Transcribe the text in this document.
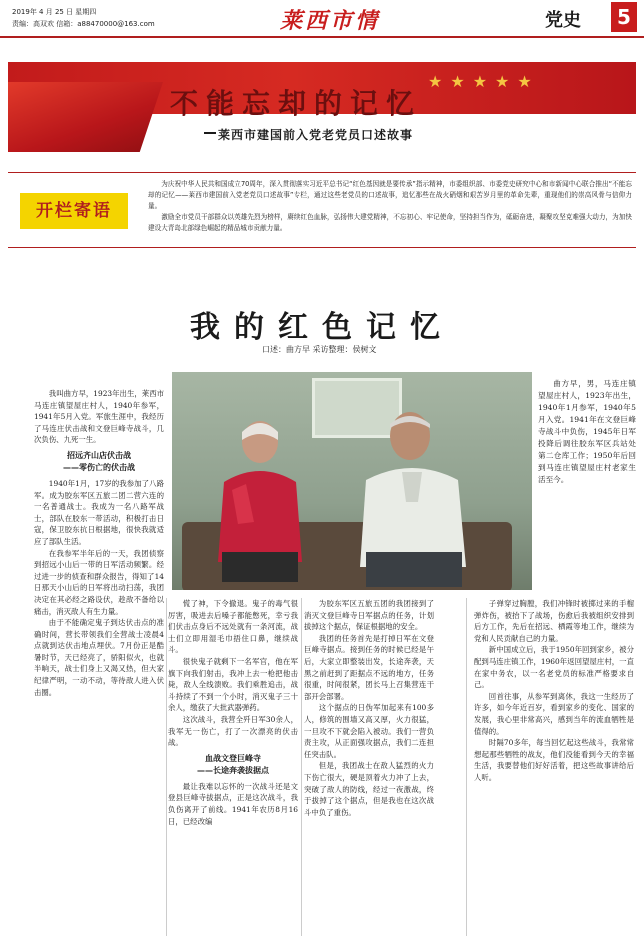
2019年 4 月 25 日 星期四
责编：高双欢 信箱：a88470000@163.com	莱西市情	党史	5
★★★★★
不能忘却的记忆
莱西市建国前入党老党员口述故事
开栏寄语

为庆祝中华人民共和国成立70周年，深入贯彻落实习近平总书记“红色基因就是要传承”指示精神，市委组织部、市委党史研究中心和市新闻中心联合推出“不能忘却的记忆——莱西市建国前入党老党员口述故事”专栏，通过这些老党员的口述故事，追忆那些在战火硝烟和艰苦岁月里的革命先辈，重现他们的崇高风骨与信仰力量。

激励全市党员干部群众以英雄先烈为榜样，赓续红色血脉，弘扬伟大建党精神，不忘初心、牢记使命，坚持担当作为，砥砺奋进，凝聚攻坚克难强大动力，为加快建设大青岛北部绿色崛起的精品城市贡献力量。

我的红色记忆
口述：曲方早 采访整理：侯树文

我叫曲方早，1923年出生，莱西市马连庄镇望屋庄村人，1940年参军，1941年5月入党。军旅生涯中，我经历了马连庄伏击战和文登巨峰寺战斗，几次负伤、九死一生。

招远齐山店伏击战
——零伤亡的伏击战

1940年1月，17岁的我参加了八路军。成为胶东军区五旅二团二营六连的一名普通战士。我成为一名八路军战士，部队在胶东一带活动，积极打击日寇，保卫胶东抗日根据地，很快我就适应了部队生活。

在我参军半年后的一天，我团侦察到招远小山后一带的日军活动频繁。经过进一步的侦查和群众报告，得知了14日那天小山后的日军将出动扫荡，我团决定在其必经之路设伏，趁敌不备给以痛击，消灭敌人有生力量。

由于不能确定鬼子到达伏击点的准确时间，营长带领我们全营战士凌晨4点就到达伏击地点埋伏。7月份正是酷暑时节，天已经亮了，骄阳似火，也就半晌天，战士们身上又渴又热，但大家纪律严明，一动不动，等待敌人进入伏击圈。

曲方早，男，马连庄镇望屋庄村人，1923年出生，1940年1月参军，1940年5月入党。1941年在文登巨峰寺战斗中负伤，1945年日军投降后调往胶东军区兵站处第二仓库工作；1950年后回到马连庄镇望屋庄村老家生活至今。

慌了神，下令撤退。鬼子的毒气很厉害，吸进去后嗓子都能憋死，幸亏我们伏击点身后不远处就有一条河流，战士们立即用湿毛巾捂住口鼻，继续战斗。

很快鬼子就剩下一名军官，他在军旗下向我们射击，我冲上去一枪把他击毙，敌人全线溃败。我们乘胜追击，战斗持续了不到一个小时，消灭鬼子三十余人，缴获了大批武器弹药。

这次战斗，我营全歼日军30余人，我军无一伤亡，打了一次漂亮的伏击战。

血战文登巨峰寺
——长途奔袭拔据点

最让我难以忘怀的一次战斗还是文登县巨峰寺拔据点，正是这次战斗，我负伤离开了前线。1941年农历8月16日，已经改编

为胶东军区五旅五团的我团接到了消灭文登巨峰寺日军据点的任务，计划拔掉这个据点，保证根据地的安全。

我团的任务首先是打掉日军在文登巨峰寺据点。接到任务的时候已经是午后，大家立即整装出发，长途奔袭，天黑之前赶到了距据点不远的地方，任务很重，时间很紧，团长马上召集营连干部开会部署。

这个据点的日伪军加起来有100多人，修筑的围墙又高又厚，火力很猛，一旦攻不下就会陷入被动。我们一营负责主攻，从正面强攻据点，我们二连担任突击队。

但是，我团战士在敌人猛烈的火力下伤亡很大，硬是顶着火力冲了上去，突破了敌人的防线，经过一夜激战，终于拔掉了这个据点，但是我也在这次战斗中负了重伤。

子弹穿过胸膛，我们冲锋时被掷过来的手榴弹炸伤，被抬下了战场，伤愈后我被组织安排到后方工作，先后在招远、栖霞等地工作，继续为党和人民贡献自己的力量。

新中国成立后，我于1950年回到家乡，被分配到马连庄镇工作，1960年返回望屋庄村，一直在家中务农，以一名老党员的标准严格要求自己。

回首往事，从参军到离休，我这一生经历了许多，如今年近百岁，看到家乡的变化、国家的发展，我心里非常高兴，感到当年的流血牺牲是值得的。

时隔70多年，每当回忆起这些战斗，我常常想起那些牺牲的战友，他们没能看到今天的幸福生活，我要替他们好好活着，把这些故事讲给后人听。
